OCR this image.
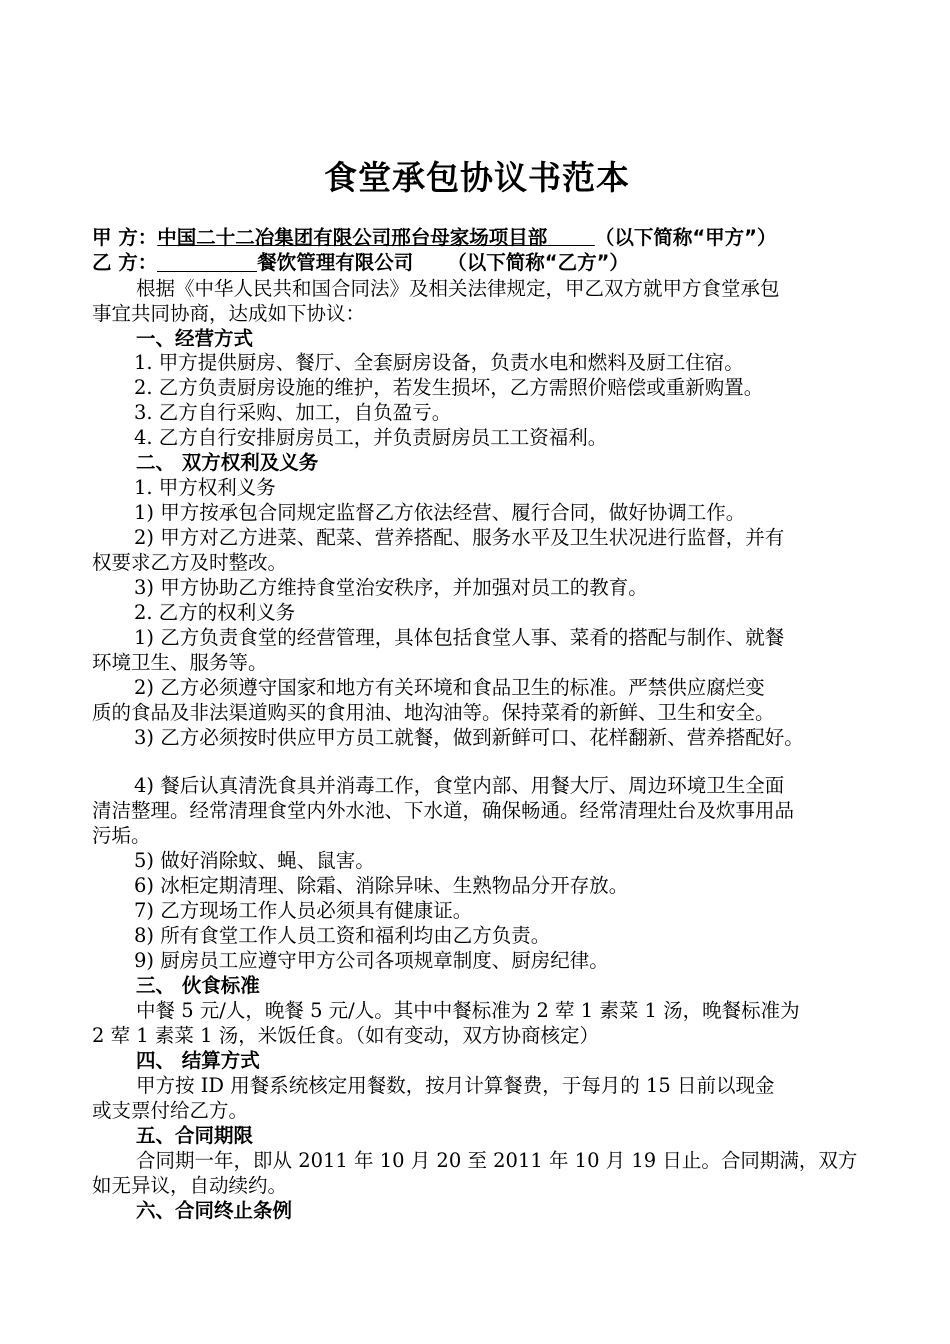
食堂承包协议书范本
甲 方：中国二十二冶集团有限公司邢台母家场项目部 （以下简称“甲方”）
乙 方：	餐饮管理有限公司 （以下简称“乙方”）
根据《中华人民共和国合同法》及相关法律规定，甲乙双方就甲方食堂承包
事宜共同协商，达成如下协议：
一、经营方式
1. 甲方提供厨房、餐厅、全套厨房设备，负责水电和燃料及厨工住宿。
2. 乙方负责厨房设施的维护，若发生损坏，乙方需照价赔偿或重新购置。
3. 乙方自行采购、加工，自负盈亏。
4. 乙方自行安排厨房员工，并负责厨房员工工资福利。
二、 双方权利及义务
1. 甲方权利义务
1) 甲方按承包合同规定监督乙方依法经营、履行合同，做好协调工作。
2) 甲方对乙方进菜、配菜、营养搭配、服务水平及卫生状况进行监督，并有
权要求乙方及时整改。
3) 甲方协助乙方维持食堂治安秩序，并加强对员工的教育。
2. 乙方的权利义务
1) 乙方负责食堂的经营管理，具体包括食堂人事、菜肴的搭配与制作、就餐
环境卫生、服务等。
2) 乙方必须遵守国家和地方有关环境和食品卫生的标准。严禁供应腐烂变
质的食品及非法渠道购买的食用油、地沟油等。保持菜肴的新鲜、卫生和安全。
3) 乙方必须按时供应甲方员工就餐，做到新鲜可口、花样翻新、营养搭配好。
4) 餐后认真清洗食具并消毒工作，食堂内部、用餐大厅、周边环境卫生全面
清洁整理。经常清理食堂内外水池、下水道，确保畅通。经常清理灶台及炊事用品
污垢。
5) 做好消除蚊、蝇、鼠害。
6) 冰柜定期清理、除霜、消除异味、生熟物品分开存放。
7) 乙方现场工作人员必须具有健康证。
8) 所有食堂工作人员工资和福利均由乙方负责。
9) 厨房员工应遵守甲方公司各项规章制度、厨房纪律。
三、 伙食标准
中餐 5 元/人，晚餐 5 元/人。其中中餐标准为 2 荤 1 素菜 1 汤，晚餐标准为
2 荤 1 素菜 1 汤，米饭任食。（如有变动，双方协商核定）
四、 结算方式
甲方按 ID 用餐系统核定用餐数，按月计算餐费，于每月的 15 日前以现金
或支票付给乙方。
五、合同期限
合同期一年，即从 2011 年 10 月 20 至 2011 年 10 月 19 日止。合同期满，双方
如无异议，自动续约。
六、合同终止条例
